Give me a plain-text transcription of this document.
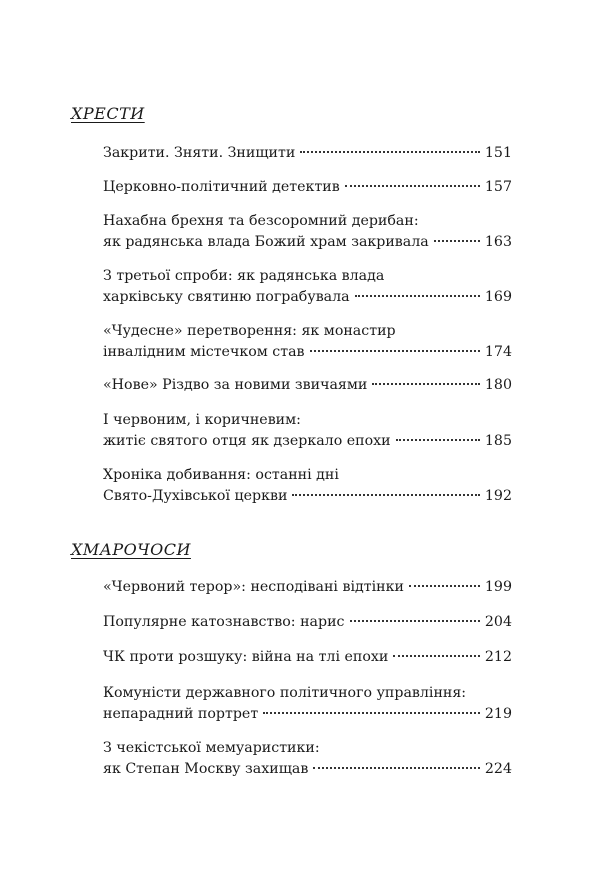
ХРЕСТИ
Закрити. Зняти. Знищити	151
Церковно-політичний детектив	157
Нахабна брехня та безсоромний дерибан:
як радянська влада Божий храм закривала	163
З третьої спроби: як радянська влада
харківську святиню пограбувала	169
«Чудесне» перетворення: як монастир
інвалідним містечком став	174
«Нове» Різдво за новими звичаями	180
І червоним, і коричневим:
житіє святого отця як дзеркало епохи	185
Хроніка добивання: останні дні
Свято-Духівської церкви	192
ХМАРОЧОСИ
«Червоний терор»: несподівані відтінки	199
Популярне катознавство: нарис	204
ЧК проти розшуку: війна на тлі епохи	212
Комуністи державного політичного управління:
непарадний портрет	219
З чекістської мемуаристики:
як Степан Москву захищав	224
